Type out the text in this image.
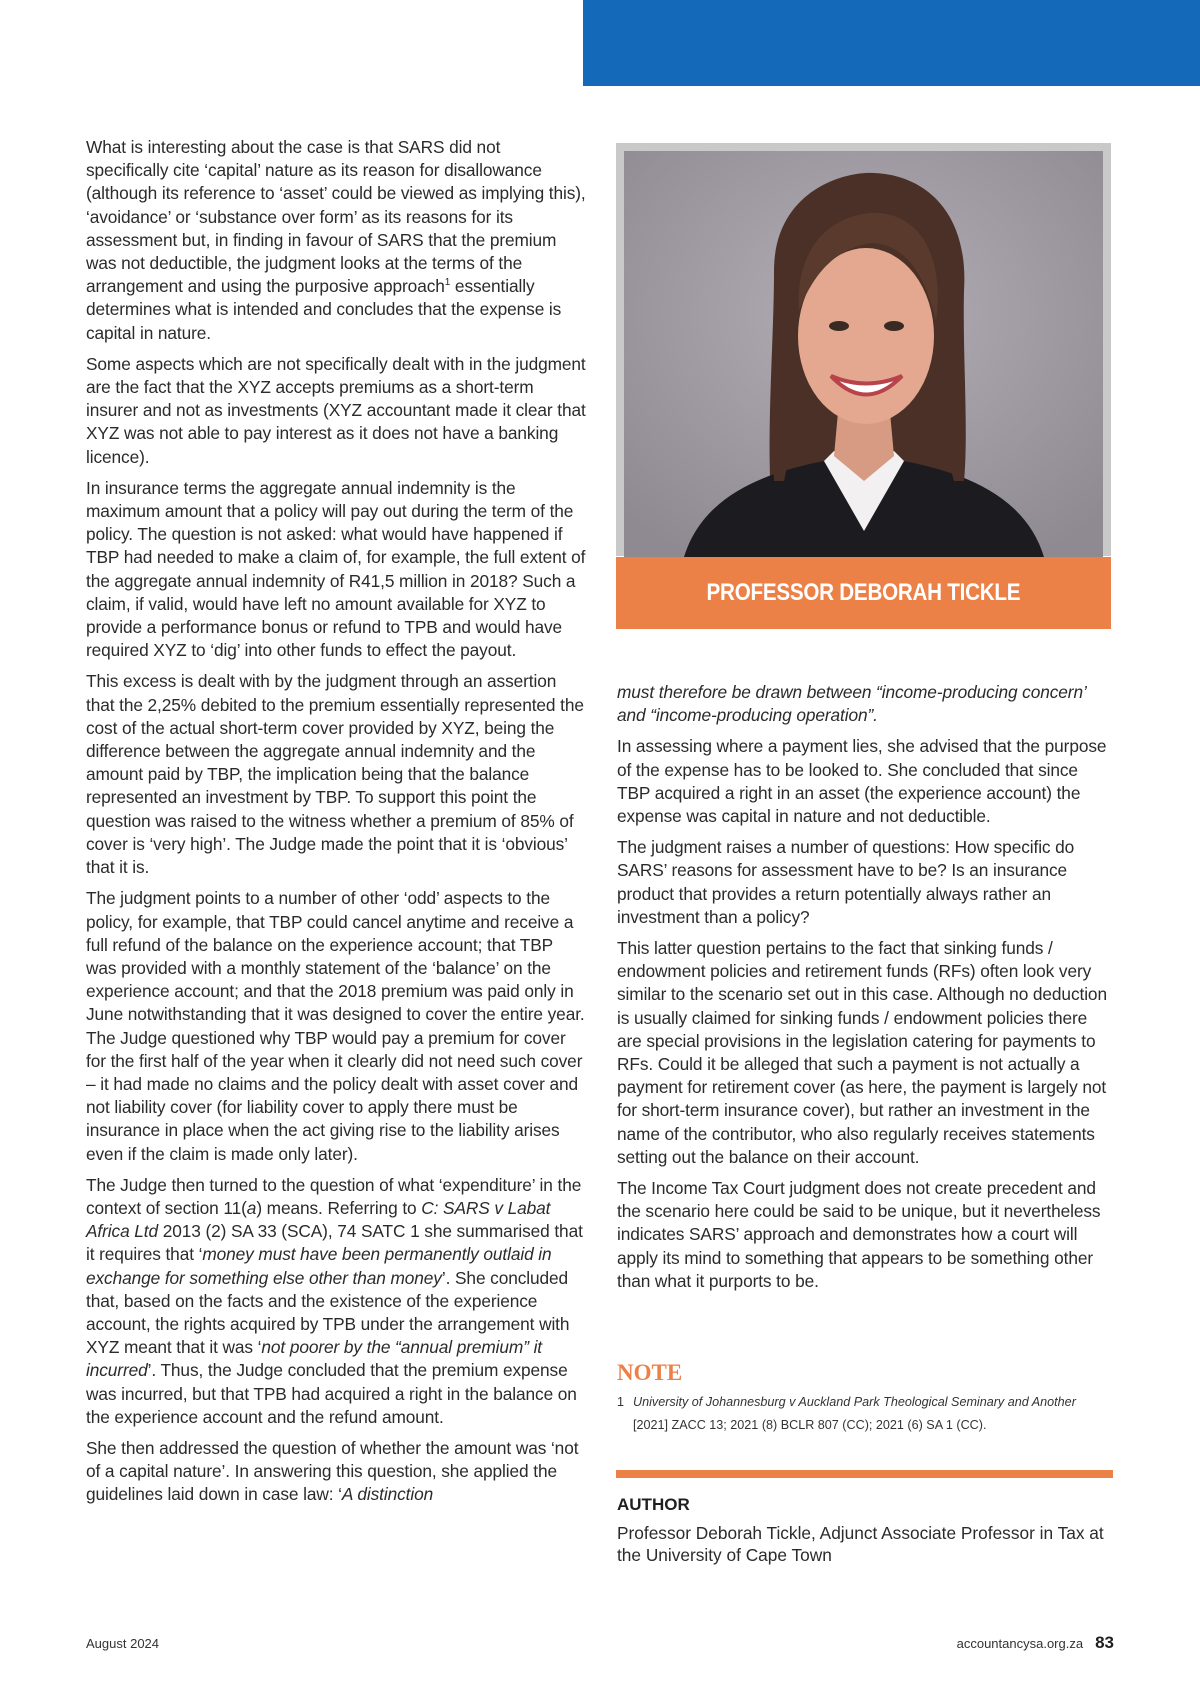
What is interesting about the case is that SARS did not specifically cite ‘capital’ nature as its reason for disallowance (although its reference to ‘asset’ could be viewed as implying this), ‘avoidance’ or ‘substance over form’ as its reasons for its assessment but, in finding in favour of SARS that the premium was not deductible, the judgment looks at the terms of the arrangement and using the purposive approach$^1$ essentially determines what is intended and concludes that the expense is capital in nature.

Some aspects which are not specifically dealt with in the judgment are the fact that the XYZ accepts premiums as a short-term insurer and not as investments (XYZ accountant made it clear that XYZ was not able to pay interest as it does not have a banking licence).

In insurance terms the aggregate annual indemnity is the maximum amount that a policy will pay out during the term of the policy. The question is not asked: what would have happened if TBP had needed to make a claim of, for example, the full extent of the aggregate annual indemnity of R41,5 million in 2018? Such a claim, if valid, would have left no amount available for XYZ to provide a performance bonus or refund to TPB and would have required XYZ to ‘dig’ into other funds to effect the payout.

This excess is dealt with by the judgment through an assertion that the 2,25% debited to the premium essentially represented the cost of the actual short-term cover provided by XYZ, being the difference between the aggregate annual indemnity and the amount paid by TBP, the implication being that the balance represented an investment by TBP. To support this point the question was raised to the witness whether a premium of 85% of cover is ‘very high’. The Judge made the point that it is ‘obvious’ that it is.

The judgment points to a number of other ‘odd’ aspects to the policy, for example, that TBP could cancel anytime and receive a full refund of the balance on the experience account; that TBP was provided with a monthly statement of the ‘balance’ on the experience account; and that the 2018 premium was paid only in June notwithstanding that it was designed to cover the entire year. The Judge questioned why TBP would pay a premium for cover for the first half of the year when it clearly did not need such cover – it had made no claims and the policy dealt with asset cover and not liability cover (for liability cover to apply there must be insurance in place when the act giving rise to the liability arises even if the claim is made only later).

The Judge then turned to the question of what ‘expenditure’ in the context of section 11(a) means. Referring to C: SARS v Labat Africa Ltd 2013 (2) SA 33 (SCA), 74 SATC 1 she summarised that it requires that ‘money must have been permanently outlaid in exchange for something else other than money’. She concluded that, based on the facts and the existence of the experience account, the rights acquired by TPB under the arrangement with XYZ meant that it was ‘not poorer by the “annual premium” it incurred’. Thus, the Judge concluded that the premium expense was incurred, but that TPB had acquired a right in the balance on the experience account and the refund amount.

She then addressed the question of whether the amount was ‘not of a capital nature’. In answering this question, she applied the guidelines laid down in case law: ‘A distinction

PROFESSOR DEBORAH TICKLE

must therefore be drawn between “income-producing concern’ and “income-producing operation”.

In assessing where a payment lies, she advised that the purpose of the expense has to be looked to. She concluded that since TBP acquired a right in an asset (the experience account) the expense was capital in nature and not deductible.

The judgment raises a number of questions: How specific do SARS’ reasons for assessment have to be? Is an insurance product that provides a return potentially always rather an investment than a policy?

This latter question pertains to the fact that sinking funds / endowment policies and retirement funds (RFs) often look very similar to the scenario set out in this case. Although no deduction is usually claimed for sinking funds / endowment policies there are special provisions in the legislation catering for payments to RFs. Could it be alleged that such a payment is not actually a payment for retirement cover (as here, the payment is largely not for short-term insurance cover), but rather an investment in the name of the contributor, who also regularly receives statements setting out the balance on their account.

The Income Tax Court judgment does not create precedent and the scenario here could be said to be unique, but it nevertheless indicates SARS’ approach and demonstrates how a court will apply its mind to something that appears to be something other than what it purports to be.

NOTE
1 University of Johannesburg v Auckland Park Theological Seminary and Another
[2021] ZACC 13; 2021 (8) BCLR 807 (CC); 2021 (6) SA 1 (CC).
AUTHOR
Professor Deborah Tickle, Adjunct Associate Professor in Tax at the University of Cape Town
August 2024	accountancysa.org.za 83
